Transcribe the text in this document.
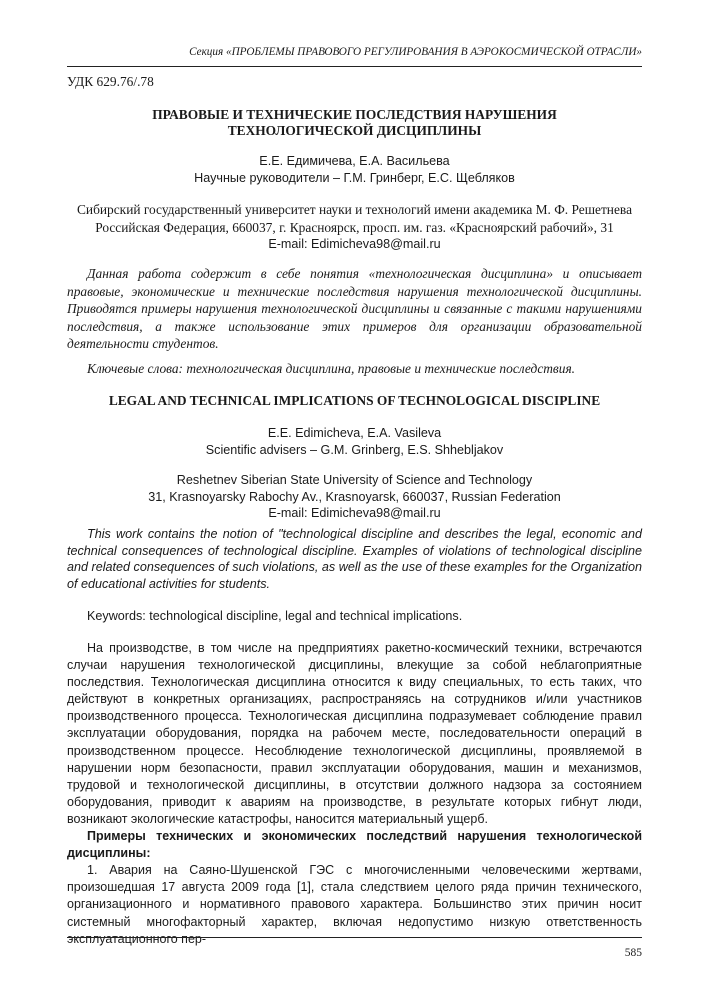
Секция «ПРОБЛЕМЫ ПРАВОВОГО РЕГУЛИРОВАНИЯ В АЭРОКОСМИЧЕСКОЙ ОТРАСЛИ»
УДК 629.76/.78
ПРАВОВЫЕ И ТЕХНИЧЕСКИЕ ПОСЛЕДСТВИЯ НАРУШЕНИЯ
ТЕХНОЛОГИЧЕСКОЙ ДИСЦИПЛИНЫ
Е.Е. Едимичева, Е.А. Васильева
Научные руководители – Г.М. Гринберг, Е.С. Щебляков
Сибирский государственный университет науки и технологий имени академика М. Ф. Решетнева
Российская Федерация, 660037, г. Красноярск, просп. им. газ. «Красноярский рабочий», 31
E-mail: Edimicheva98@mail.ru
Данная работа содержит в себе понятия «технологическая дисциплина» и описывает правовые, экономические и технические последствия нарушения технологической дисциплины. Приводятся примеры нарушения технологической дисциплины и связанные с такими нарушениями последствия, а также использование этих примеров для организации образовательной деятельности студентов.
Ключевые слова: технологическая дисциплина, правовые и технические последствия.
LEGAL AND TECHNICAL IMPLICATIONS OF TECHNOLOGICAL DISCIPLINE
E.E. Edimicheva, E.A. Vasileva
Scientific advisers – G.M. Grinberg, E.S. Shhebljakov
Reshetnev Siberian State University of Science and Technology
31, Krasnoyarsky Rabochy Av., Krasnoyarsk, 660037, Russian Federation
E-mail: Edimicheva98@mail.ru
This work contains the notion of "technological discipline and describes the legal, economic and technical consequences of technological discipline. Examples of violations of technological discipline and related consequences of such violations, as well as the use of these examples for the Organization of educational activities for students.
Keywords: technological discipline, legal and technical implications.

На производстве, в том числе на предприятиях ракетно-космический техники, встречаются случаи нарушения технологической дисциплины, влекущие за собой неблагоприятные последствия. Технологическая дисциплина относится к виду специальных, то есть таких, что действуют в конкретных организациях, распространяясь на сотрудников и/или участников производственного процесса. Технологическая дисциплина подразумевает соблюдение правил эксплуатации оборудования, порядка на рабочем месте, последовательности операций в производственном процессе. Несоблюдение технологической дисциплины, проявляемой в нарушении норм безопасности, правил эксплуатации оборудования, машин и механизмов, трудовой и технологической дисциплины, в отсутствии должного надзора за состоянием оборудования, приводит к авариям на производстве, в результате которых гибнут люди, возникают экологические катастрофы, наносится материальный ущерб.

Примеры технических и экономических последствий нарушения технологической дисциплины:

1. Авария на Саяно-Шушенской ГЭС с многочисленными человеческими жертвами, произошедшая 17 августа 2009 года [1], стала следствием целого ряда причин технического, организационного и нормативного правового характера. Большинство этих причин носит системный многофакторный характер, включая недопустимо низкую ответственность эксплуатационного пер-

585
